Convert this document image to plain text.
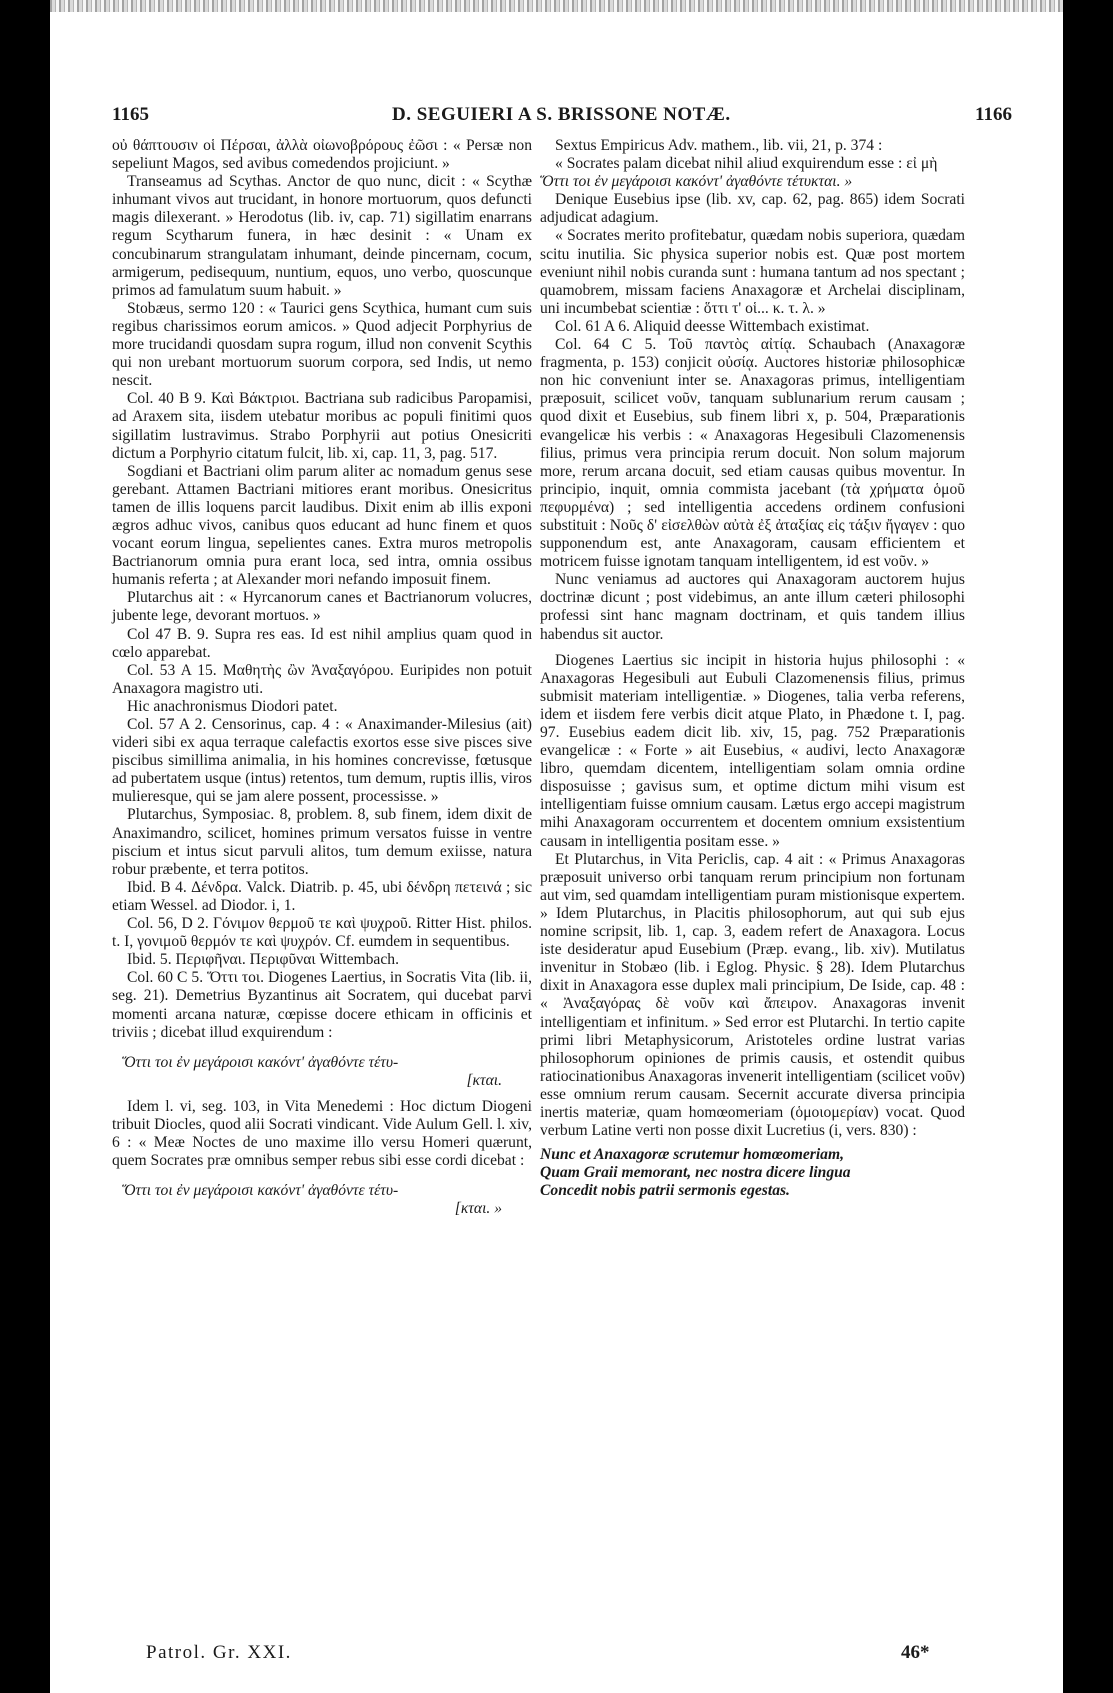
1165	D. SEGUIERI A S. BRISSONE NOTÆ.	1166

οὐ θάπτουσιν οἱ Πέρσαι, ἀλλὰ οἰωνοβρόρους ἐῶσι : « Persæ non sepeliunt Magos, sed avibus comedendos projiciunt. »

Transeamus ad Scythas. Anctor de quo nunc, dicit : « Scythæ inhumant vivos aut trucidant, in honore mortuorum, quos defuncti magis dilexerant. » Herodotus (lib. iv, cap. 71) sigillatim enarrans regum Scytharum funera, in hæc desinit : « Unam ex concubinarum strangulatam inhumant, deinde pincernam, cocum, armigerum, pedisequum, nuntium, equos, uno verbo, quoscunque primos ad famulatum suum habuit. »

Stobæus, sermo 120 : « Taurici gens Scythica, humant cum suis regibus charissimos eorum amicos. » Quod adjecit Porphyrius de more trucidandi quosdam supra rogum, illud non convenit Scythis qui non urebant mortuorum suorum corpora, sed Indis, ut nemo nescit.

Col. 40 B 9. Καὶ Βάκτριοι. Bactriana sub radicibus Paropamisi, ad Araxem sita, iisdem utebatur moribus ac populi finitimi quos sigillatim lustravimus. Strabo Porphyrii aut potius Onesicriti dictum a Porphyrio citatum fulcit, lib. xi, cap. 11, 3, pag. 517.

Sogdiani et Bactriani olim parum aliter ac nomadum genus sese gerebant. Attamen Bactriani mitiores erant moribus. Onesicritus tamen de illis loquens parcit laudibus. Dixit enim ab illis exponi ægros adhuc vivos, canibus quos educant ad hunc finem et quos vocant eorum lingua, sepelientes canes. Extra muros metropolis Bactrianorum omnia pura erant loca, sed intra, omnia ossibus humanis referta ; at Alexander mori nefando imposuit finem.

Plutarchus ait : « Hyrcanorum canes et Bactrianorum volucres, jubente lege, devorant mortuos. »

Col 47 B. 9. Supra res eas. Id est nihil amplius quam quod in cœlo apparebat.

Col. 53 A 15. Μαθητὴς ὢν Ἀναξαγόρου. Euripides non potuit Anaxagora magistro uti.

Hic anachronismus Diodori patet.

Col. 57 A 2. Censorinus, cap. 4 : « Anaximander-Milesius (ait) videri sibi ex aqua terraque calefactis exortos esse sive pisces sive piscibus simillima animalia, in his homines concrevisse, fœtusque ad pubertatem usque (intus) retentos, tum demum, ruptis illis, viros mulieresque, qui se jam alere possent, processisse. »

Plutarchus, Symposiac. 8, problem. 8, sub finem, idem dixit de Anaximandro, scilicet, homines primum versatos fuisse in ventre piscium et intus sicut parvuli alitos, tum demum exiisse, natura robur præbente, et terra potitos.

Ibid. B 4. Δένδρα. Valck. Diatrib. p. 45, ubi δένδρη πετεινά ; sic etiam Wessel. ad Diodor. i, 1.

Col. 56, D 2. Γόνιμον θερμοῦ τε καὶ ψυχροῦ. Ritter Hist. philos. t. I, γονιμοῦ θερμόν τε καὶ ψυχρόν. Cf. eumdem in sequentibus.

Ibid. 5. Περιφῆναι. Περιφῦναι Wittembach.

Col. 60 C 5. Ὅττι τοι. Diogenes Laertius, in Socratis Vita (lib. ii, seg. 21). Demetrius Byzantinus ait Socratem, qui ducebat parvi momenti arcana naturæ, cœpisse docere ethicam in officinis et triviis ; dicebat illud exquirendum :

Ὅττι τοι ἐν μεγάροισι κακόντ' ἀγαθόντε τέτυ-

[κται.

Idem l. vi, seg. 103, in Vita Menedemi : Hoc dictum Diogeni tribuit Diocles, quod alii Socrati vindicant. Vide Aulum Gell. l. xiv, 6 : « Meæ Noctes de uno maxime illo versu Homeri quærunt, quem Socrates præ omnibus semper rebus sibi esse cordi dicebat :

Ὅττι τοι ἐν μεγάροισι κακόντ' ἀγαθόντε τέτυ-

[κται. »

Sextus Empiricus Adv. mathem., lib. vii, 21, p. 374 :

« Socrates palam dicebat nihil aliud exquirendum esse : εἰ μὴ

Ὅττι τοι ἐν μεγάροισι κακόντ' ἀγαθόντε τέτυκται. »

Denique Eusebius ipse (lib. xv, cap. 62, pag. 865) idem Socrati adjudicat adagium.

« Socrates merito profitebatur, quædam nobis superiora, quædam scitu inutilia. Sic physica superior nobis est. Quæ post mortem eveniunt nihil nobis curanda sunt : humana tantum ad nos spectant ; quamobrem, missam faciens Anaxagoræ et Archelai disciplinam, uni incumbebat scientiæ : ὅττι τ' οἱ... κ. τ. λ. »

Col. 61 A 6. Aliquid deesse Wittembach existimat.

Col. 64 C 5. Τοῦ παντὸς αἰτίᾳ. Schaubach (Anaxagoræ fragmenta, p. 153) conjicit οὐσίᾳ. Auctores historiæ philosophicæ non hic conveniunt inter se. Anaxagoras primus, intelligentiam præposuit, scilicet νοῦν, tanquam sublunarium rerum causam ; quod dixit et Eusebius, sub finem libri x, p. 504, Præparationis evangelicæ his verbis : « Anaxagoras Hegesibuli Clazomenensis filius, primus vera principia rerum docuit. Non solum majorum more, rerum arcana docuit, sed etiam causas quibus moventur. In principio, inquit, omnia commista jacebant (τὰ χρήματα ὁμοῦ πεφυρμένα) ; sed intelligentia accedens ordinem confusioni substituit : Νοῦς δ' εἰσελθὼν αὐτὰ ἐξ ἀταξίας εἰς τάξιν ἤγαγεν : quo supponendum est, ante Anaxagoram, causam efficientem et motricem fuisse ignotam tanquam intelligentem, id est νοῦν. »

Nunc veniamus ad auctores qui Anaxagoram auctorem hujus doctrinæ dicunt ; post videbimus, an ante illum cæteri philosophi professi sint hanc magnam doctrinam, et quis tandem illius habendus sit auctor.

Diogenes Laertius sic incipit in historia hujus philosophi : « Anaxagoras Hegesibuli aut Eubuli Clazomenensis filius, primus submisit materiam intelligentiæ. » Diogenes, talia verba referens, idem et iisdem fere verbis dicit atque Plato, in Phædone t. I, pag. 97. Eusebius eadem dicit lib. xiv, 15, pag. 752 Præparationis evangelicæ : « Forte » ait Eusebius, « audivi, lecto Anaxagoræ libro, quemdam dicentem, intelligentiam solam omnia ordine disposuisse ; gavisus sum, et optime dictum mihi visum est intelligentiam fuisse omnium causam. Lætus ergo accepi magistrum mihi Anaxagoram occurrentem et docentem omnium exsistentium causam in intelligentia positam esse. »

Et Plutarchus, in Vita Periclis, cap. 4 ait : « Primus Anaxagoras præposuit universo orbi tanquam rerum principium non fortunam aut vim, sed quamdam intelligentiam puram mistionisque expertem. » Idem Plutarchus, in Placitis philosophorum, aut qui sub ejus nomine scripsit, lib. 1, cap. 3, eadem refert de Anaxagora. Locus iste desideratur apud Eusebium (Præp. evang., lib. xiv). Mutilatus invenitur in Stobæo (lib. i Eglog. Physic. § 28). Idem Plutarchus dixit in Anaxagora esse duplex mali principium, De Iside, cap. 48 : « Ἀναξαγόρας δὲ νοῦν καὶ ἄπειρον. Anaxagoras invenit intelligentiam et infinitum. » Sed error est Plutarchi. In tertio capite primi libri Metaphysicorum, Aristoteles ordine lustrat varias philosophorum opiniones de primis causis, et ostendit quibus ratiocinationibus Anaxagoras invenerit intelligentiam (scilicet νοῦν) esse omnium rerum causam. Secernit accurate diversa principia inertis materiæ, quam homœomeriam (ὁμοιομερίαν) vocat. Quod verbum Latine verti non posse dixit Lucretius (i, vers. 830) :

Nunc et Anaxagoræ scrutemur homœomeriam,

Quam Graii memorant, nec nostra dicere lingua

Concedit nobis patrii sermonis egestas.

Patrol. Gr. XXI.	46*
